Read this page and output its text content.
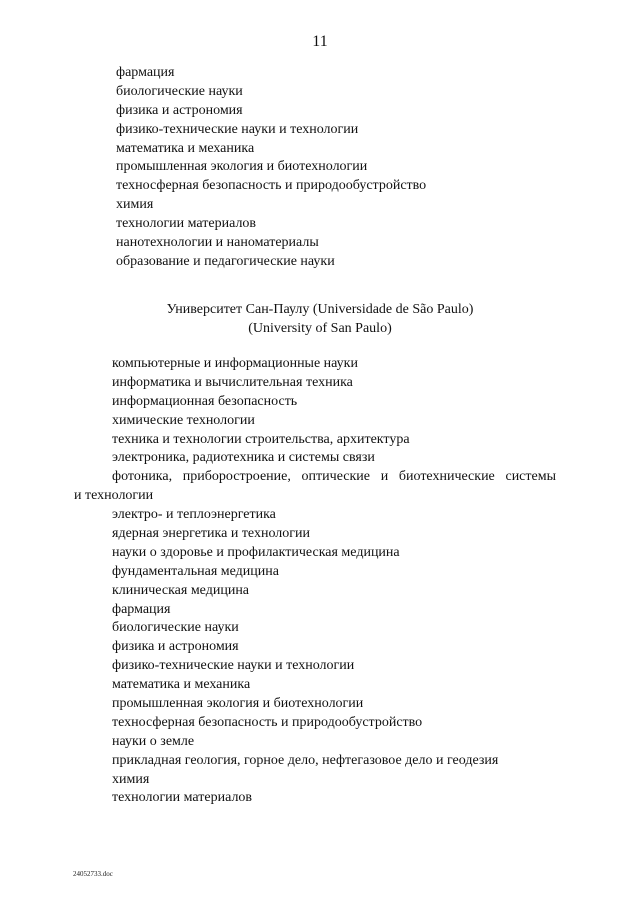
11
фармация
биологические науки
физика и астрономия
физико-технические науки и технологии
математика и механика
промышленная экология и биотехнологии
техносферная безопасность и природообустройство
химия
технологии материалов
нанотехнологии и наноматериалы
образование и педагогические науки
Университет Сан-Паулу (Universidade de São Paulo)
(University of San Paulo)
компьютерные и информационные науки
информатика и вычислительная техника
информационная безопасность
химические технологии
техника и технологии строительства, архитектура
электроника, радиотехника и системы связи
фотоника, приборостроение, оптические и биотехнические системы
и технологии
электро- и теплоэнергетика
ядерная энергетика и технологии
науки о здоровье и профилактическая медицина
фундаментальная медицина
клиническая медицина
фармация
биологические науки
физика и астрономия
физико-технические науки и технологии
математика и механика
промышленная экология и биотехнологии
техносферная безопасность и природообустройство
науки о земле
прикладная геология, горное дело, нефтегазовое дело и геодезия
химия
технологии материалов
24052733.doc
